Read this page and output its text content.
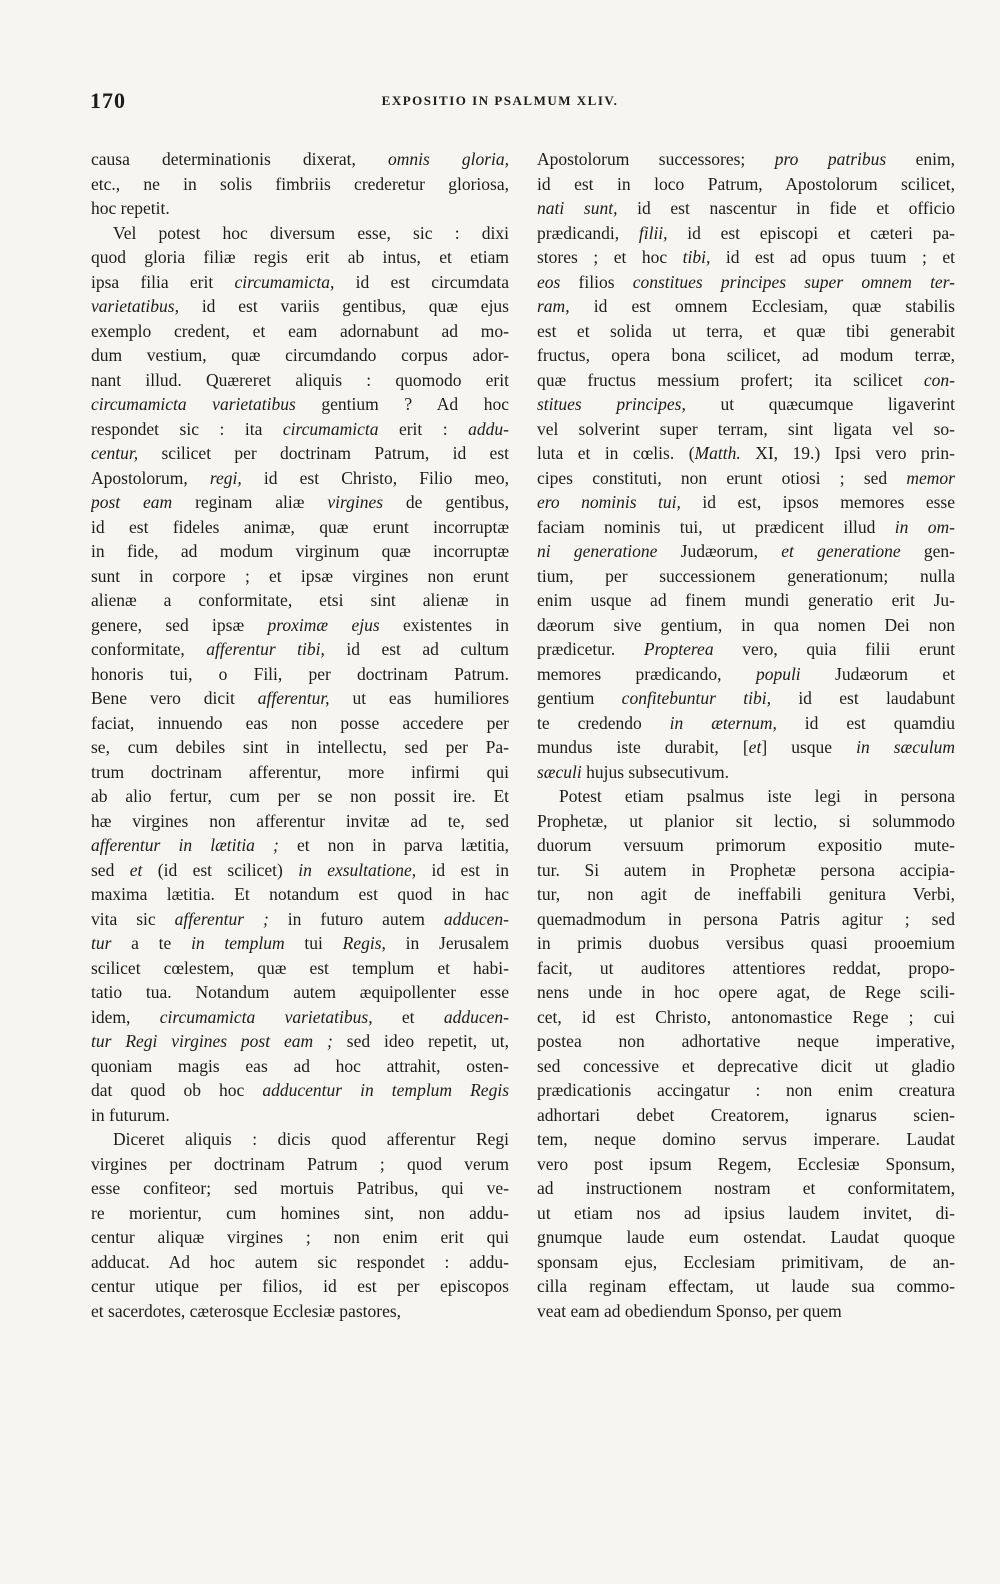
170	EXPOSITIO IN PSALMUM XLIV.
causa determinationis dixerat, omnis gloria,
etc., ne in solis fimbriis crederetur gloriosa,
hoc repetit.
Vel potest hoc diversum esse, sic : dixi
quod gloria filiæ regis erit ab intus, et etiam
ipsa filia erit circumamicta, id est circumdata
varietatibus, id est variis gentibus, quæ ejus
exemplo credent, et eam adornabunt ad mo-
dum vestium, quæ circumdando corpus ador-
nant illud. Quæreret aliquis : quomodo erit
circumamicta varietatibus gentium ? Ad hoc
respondet sic : ita circumamicta erit : addu-
centur, scilicet per doctrinam Patrum, id est
Apostolorum, regi, id est Christo, Filio meo,
post eam reginam aliæ virgines de gentibus,
id est fideles animæ, quæ erunt incorruptæ
in fide, ad modum virginum quæ incorruptæ
sunt in corpore ; et ipsæ virgines non erunt
alienæ a conformitate, etsi sint alienæ in
genere, sed ipsæ proximæ ejus existentes in
conformitate, afferentur tibi, id est ad cultum
honoris tui, o Fili, per doctrinam Patrum.
Bene vero dicit afferentur, ut eas humiliores
faciat, innuendo eas non posse accedere per
se, cum debiles sint in intellectu, sed per Pa-
trum doctrinam afferentur, more infirmi qui
ab alio fertur, cum per se non possit ire. Et
hæ virgines non afferentur invitæ ad te, sed
afferentur in lætitia ; et non in parva lætitia,
sed et (id est scilicet) in exsultatione, id est in
maxima lætitia. Et notandum est quod in hac
vita sic afferentur ; in futuro autem adducen-
tur a te in templum tui Regis, in Jerusalem
scilicet cœlestem, quæ est templum et habi-
tatio tua. Notandum autem æquipollenter esse
idem, circumamicta varietatibus, et adducen-
tur Regi virgines post eam ; sed ideo repetit, ut,
quoniam magis eas ad hoc attrahit, osten-
dat quod ob hoc adducentur in templum Regis
in futurum.
Diceret aliquis : dicis quod afferentur Regi
virgines per doctrinam Patrum ; quod verum
esse confiteor; sed mortuis Patribus, qui ve-
re morientur, cum homines sint, non addu-
centur aliquæ virgines ; non enim erit qui
adducat. Ad hoc autem sic respondet : addu-
centur utique per filios, id est per episcopos
et sacerdotes, cæterosque Ecclesiæ pastores,
Apostolorum successores; pro patribus enim,
id est in loco Patrum, Apostolorum scilicet,
nati sunt, id est nascentur in fide et officio
prædicandi, filii, id est episcopi et cæteri pa-
stores ; et hoc tibi, id est ad opus tuum ; et
eos filios constitues principes super omnem ter-
ram, id est omnem Ecclesiam, quæ stabilis
est et solida ut terra, et quæ tibi generabit
fructus, opera bona scilicet, ad modum terræ,
quæ fructus messium profert; ita scilicet con-
stitues principes, ut quæcumque ligaverint
vel solverint super terram, sint ligata vel so-
luta et in cœlis. (Matth. XI, 19.) Ipsi vero prin-
cipes constituti, non erunt otiosi ; sed memor
ero nominis tui, id est, ipsos memores esse
faciam nominis tui, ut prædicent illud in om-
ni generatione Judæorum, et generatione gen-
tium, per successionem generationum; nulla
enim usque ad finem mundi generatio erit Ju-
dæorum sive gentium, in qua nomen Dei non
prædicetur. Propterea vero, quia filii erunt
memores prædicando, populi Judæorum et
gentium confitebuntur tibi, id est laudabunt
te credendo in æternum, id est quamdiu
mundus iste durabit, [et] usque in sæculum
sæculi hujus subsecutivum.
Potest etiam psalmus iste legi in persona
Prophetæ, ut planior sit lectio, si solummodo
duorum versuum primorum expositio mute-
tur. Si autem in Prophetæ persona accipia-
tur, non agit de ineffabili genitura Verbi,
quemadmodum in persona Patris agitur ; sed
in primis duobus versibus quasi prooemium
facit, ut auditores attentiores reddat, propo-
nens unde in hoc opere agat, de Rege scili-
cet, id est Christo, antonomastice Rege ; cui
postea non adhortative neque imperative,
sed concessive et deprecative dicit ut gladio
prædicationis accingatur : non enim creatura
adhortari debet Creatorem, ignarus scien-
tem, neque domino servus imperare. Laudat
vero post ipsum Regem, Ecclesiæ Sponsum,
ad instructionem nostram et conformitatem,
ut etiam nos ad ipsius laudem invitet, di-
gnumque laude eum ostendat. Laudat quoque
sponsam ejus, Ecclesiam primitivam, de an-
cilla reginam effectam, ut laude sua commo-
veat eam ad obediendum Sponso, per quem
